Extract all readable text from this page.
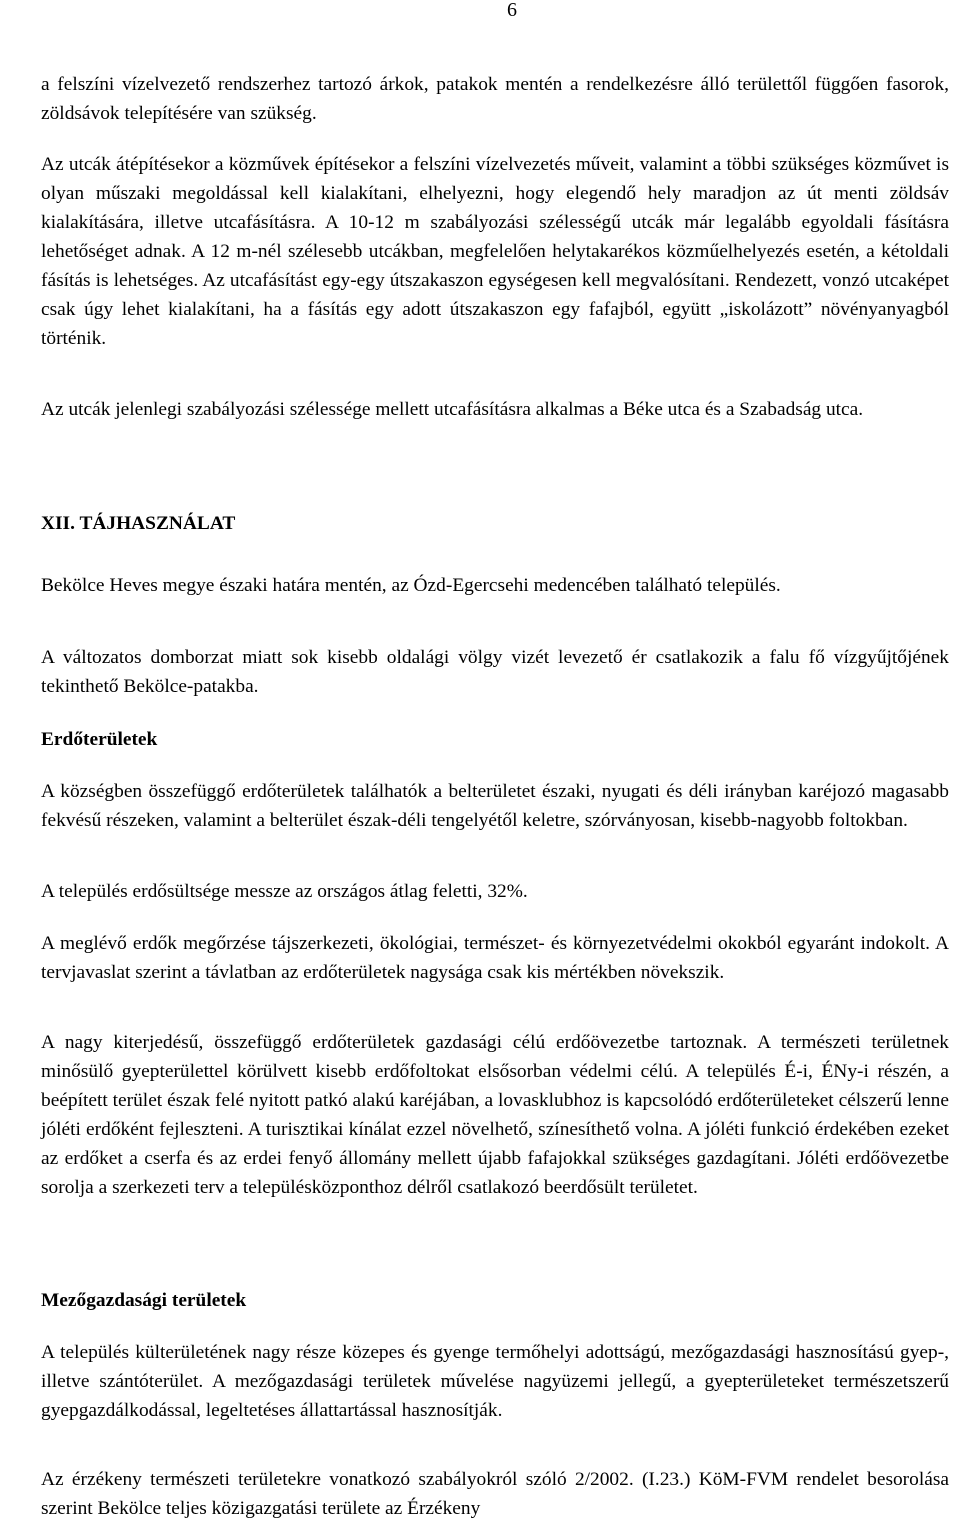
6

a felszíni vízelvezető rendszerhez tartozó árkok, patakok mentén a rendelkezésre álló területtől függően fasorok, zöldsávok telepítésére van szükség.

Az utcák átépítésekor a közművek építésekor a felszíni vízelvezetés műveit, valamint a többi szükséges közművet is olyan műszaki megoldással kell kialakítani, elhelyezni, hogy elegendő hely maradjon az út menti zöldsáv kialakítására, illetve utcafásításra. A 10-12 m szabályozási szélességű utcák már legalább egyoldali fásításra lehetőséget adnak. A 12 m-nél szélesebb utcákban, megfelelően helytakarékos közműelhelyezés esetén, a kétoldali fásítás is lehetséges. Az utcafásítást egy-egy útszakaszon egységesen kell megvalósítani. Rendezett, vonzó utcaképet csak úgy lehet kialakítani, ha a fásítás egy adott útszakaszon egy fafajból, együtt „iskolázott” növényanyagból történik.

Az utcák jelenlegi szabályozási szélessége mellett utcafásításra alkalmas a Béke utca és a Szabadság utca.

XII. TÁJHASZNÁLAT

Bekölce Heves megye északi határa mentén, az Ózd-Egercsehi medencében található település.

A változatos domborzat miatt sok kisebb oldalági völgy vizét levezető ér csatlakozik a falu fő vízgyűjtőjének tekinthető Bekölce-patakba.

Erdőterületek

A községben összefüggő erdőterületek találhatók a belterületet északi, nyugati és déli irányban karéjozó magasabb fekvésű részeken, valamint a belterület észak-déli tengelyétől keletre, szórványosan, kisebb-nagyobb foltokban.

A település erdősültsége messze az országos átlag feletti, 32%.

A meglévő erdők megőrzése tájszerkezeti, ökológiai, természet- és környezetvédelmi okokból egyaránt indokolt. A tervjavaslat szerint a távlatban az erdőterületek nagysága csak kis mértékben növekszik.

A nagy kiterjedésű, összefüggő erdőterületek gazdasági célú erdőövezetbe tartoznak. A természeti területnek minősülő gyepterülettel körülvett kisebb erdőfoltokat elsősorban védelmi célú. A település É-i, ÉNy-i részén, a beépített terület észak felé nyitott patkó alakú karéjában, a lovasklubhoz is kapcsolódó erdőterületeket célszerű lenne jóléti erdőként fejleszteni. A turisztikai kínálat ezzel növelhető, színesíthető volna. A jóléti funkció érdekében ezeket az erdőket a cserfa és az erdei fenyő állomány mellett újabb fafajokkal szükséges gazdagítani. Jóléti erdőövezetbe sorolja a szerkezeti terv a településközponthoz délről csatlakozó beerdősült területet.

Mezőgazdasági területek

A település külterületének nagy része közepes és gyenge termőhelyi adottságú, mezőgazdasági hasznosítású gyep-, illetve szántóterület. A mezőgazdasági területek művelése nagyüzemi jellegű, a gyepterületeket természetszerű gyepgazdálkodással, legeltetéses állattartással hasznosítják.

Az érzékeny természeti területekre vonatkozó szabályokról szóló 2/2002. (I.23.) KöM-FVM rendelet besorolása szerint Bekölce teljes közigazgatási területe az Érzékeny
